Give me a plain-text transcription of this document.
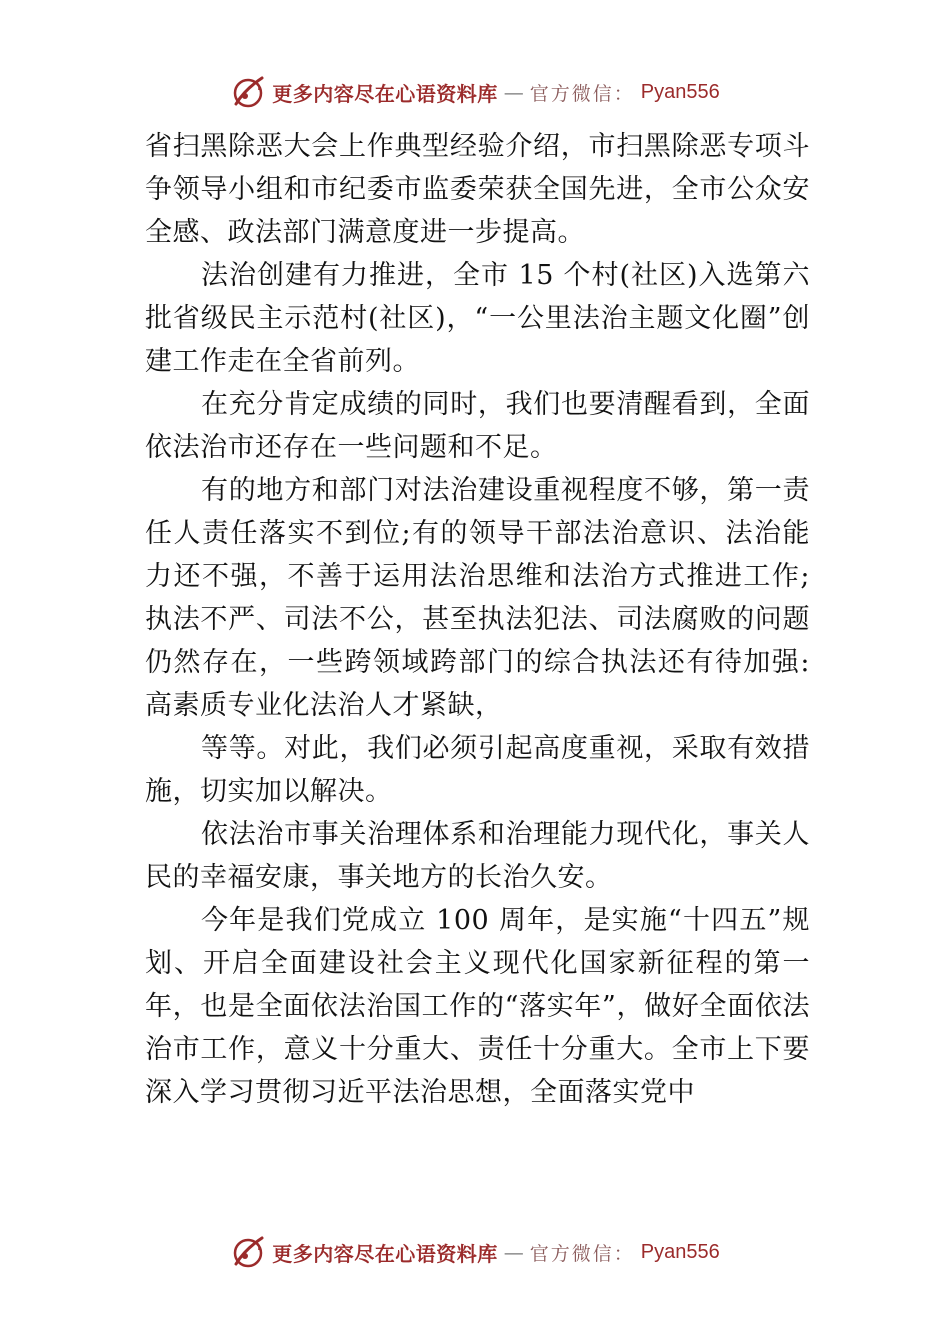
更多内容尽在心语资料库 — 官方微信： Pyan556

省扫黑除恶大会上作典型经验介绍，市扫黑除恶专项斗争领导小组和市纪委市监委荣获全国先进，全市公众安全感、政法部门满意度进一步提高。

法治创建有力推进，全市 15 个村(社区)入选第六批省级民主示范村(社区)，“一公里法治主题文化圈”创建工作走在全省前列。

在充分肯定成绩的同时，我们也要清醒看到，全面依法治市还存在一些问题和不足。

有的地方和部门对法治建设重视程度不够，第一责任人责任落实不到位;有的领导干部法治意识、法治能力还不强，不善于运用法治思维和法治方式推进工作;执法不严、司法不公，甚至执法犯法、司法腐败的问题仍然存在，一些跨领域跨部门的综合执法还有待加强:高素质专业化法治人才紧缺，

等等。对此，我们必须引起高度重视，采取有效措施，切实加以解决。

依法治市事关治理体系和治理能力现代化，事关人民的幸福安康，事关地方的长治久安。

今年是我们党成立 100 周年，是实施“十四五”规划、开启全面建设社会主义现代化国家新征程的第一年，也是全面依法治国工作的“落实年”，做好全面依法治市工作，意义十分重大、责任十分重大。全市上下要深入学习贯彻习近平法治思想，全面落实党中

更多内容尽在心语资料库 — 官方微信： Pyan556
